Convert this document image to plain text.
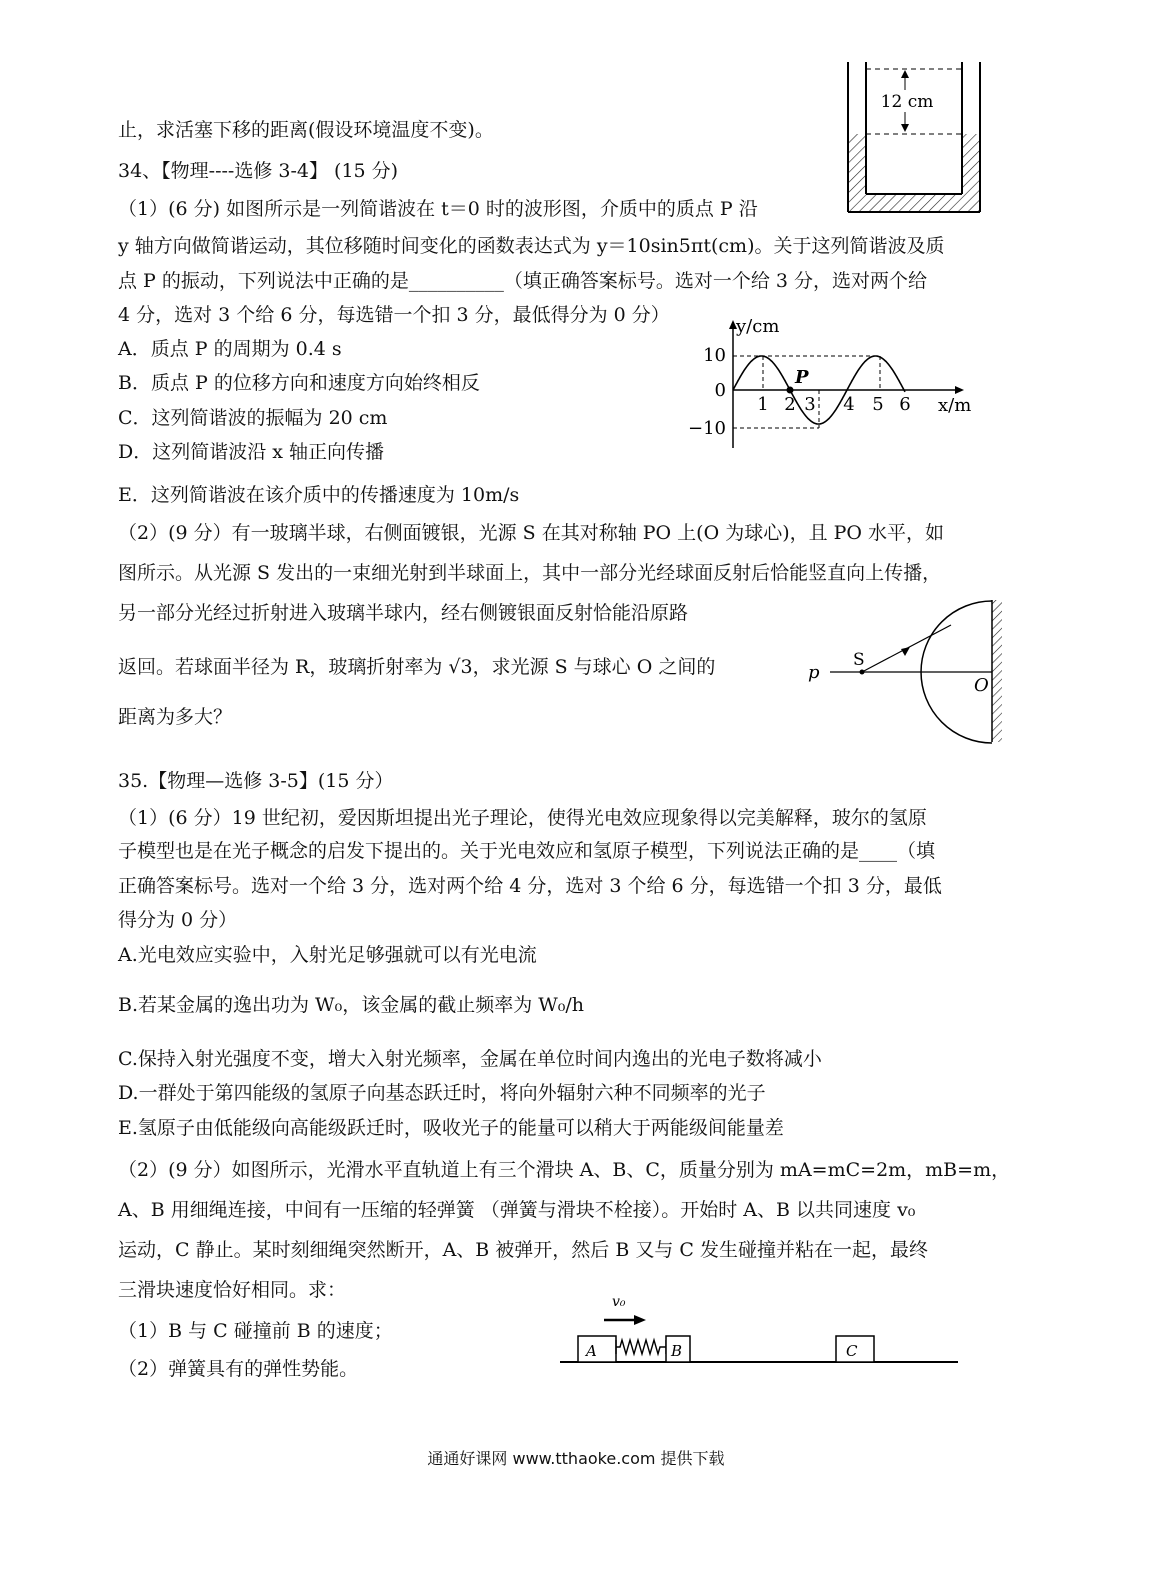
止，求活塞下移的距离(假设环境温度不变)。
34、【物理----选修 3-4】 (15 分)
（1）(6 分) 如图所示是一列简谐波在 t＝0 时的波形图，介质中的质点 P 沿
y 轴方向做简谐运动，其位移随时间变化的函数表达式为 y＝10sin5πt(cm)。关于这列简谐波及质
点 P 的振动，下列说法中正确的是__________（填正确答案标号。选对一个给 3 分，选对两个给
4 分，选对 3 个给 6 分，每选错一个扣 3 分，最低得分为 0 分）
A．质点 P 的周期为 0.4 s
B．质点 P 的位移方向和速度方向始终相反
C．这列简谐波的振幅为 20 cm
D．这列简谐波沿 x 轴正向传播
E．这列简谐波在该介质中的传播速度为 10m/s
（2）(9 分）有一玻璃半球，右侧面镀银，光源 S 在其对称轴 PO 上(O 为球心)，且 PO 水平，如
图所示。从光源 S 发出的一束细光射到半球面上，其中一部分光经球面反射后恰能竖直向上传播，
另一部分光经过折射进入玻璃半球内，经右侧镀银面反射恰能沿原路
返回。若球面半径为 R，玻璃折射率为 √3，求光源 S 与球心 O 之间的
距离为多大？
35.【物理—选修 3-5】(15 分）
（1）(6 分）19 世纪初，爱因斯坦提出光子理论，使得光电效应现象得以完美解释，玻尔的氢原
子模型也是在光子概念的启发下提出的。关于光电效应和氢原子模型，下列说法正确的是____（填
正确答案标号。选对一个给 3 分，选对两个给 4 分，选对 3 个给 6 分，每选错一个扣 3 分，最低
得分为 0 分）
A.光电效应实验中，入射光足够强就可以有光电流
B.若某金属的逸出功为 W₀，该金属的截止频率为 W₀/h
C.保持入射光强度不变，增大入射光频率，金属在单位时间内逸出的光电子数将减小
D.一群处于第四能级的氢原子向基态跃迁时，将向外辐射六种不同频率的光子
E.氢原子由低能级向高能级跃迁时，吸收光子的能量可以稍大于两能级间能量差
（2）(9 分）如图所示，光滑水平直轨道上有三个滑块 A、B、C，质量分别为 mA=mC=2m，mB=m，
A、B 用细绳连接，中间有一压缩的轻弹簧 （弹簧与滑块不栓接）。开始时 A、B 以共同速度 v₀
运动，C 静止。某时刻细绳突然断开，A、B 被弹开，然后 B 又与 C 发生碰撞并粘在一起，最终
三滑块速度恰好相同。求：
（1）B 与 C 碰撞前 B 的速度；
（2）弹簧具有的弹性势能。
12 cm
y/cm
x/m
10
0
−10
1 2 3 4 5 6
P
p
S
O
v₀
A	B	C
通通好课网 www.tthaoke.com 提供下载
